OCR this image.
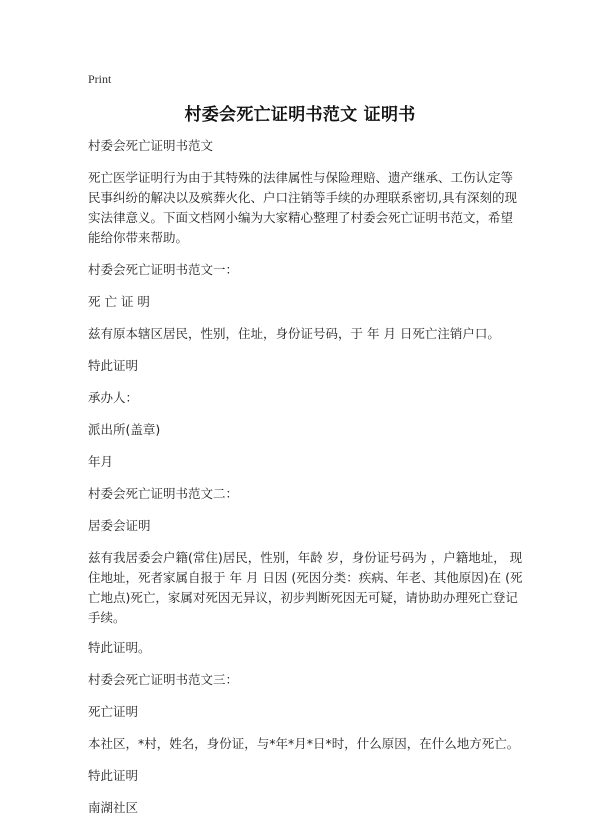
Print
村委会死亡证明书范文 证明书

村委会死亡证明书范文

死亡医学证明行为由于其特殊的法律属性与保险理赔、遗产继承、工伤认定等民事纠纷的解决以及殡葬火化、户口注销等手续的办理联系密切,具有深刻的现实法律意义。下面文档网小编为大家精心整理了村委会死亡证明书范文，希望能给你带来帮助。

村委会死亡证明书范文一：

死 亡 证 明

兹有原本辖区居民，性别，住址，身份证号码，于 年 月 日死亡注销户口。

特此证明

承办人：

派出所(盖章)

年月

村委会死亡证明书范文二：

居委会证明

兹有我居委会户籍(常住)居民，性别，年龄 岁，身份证号码为 ，户籍地址， 现住地址，死者家属自报于 年 月 日因 (死因分类：疾病、年老、其他原因)在 (死亡地点)死亡，家属对死因无异议，初步判断死因无可疑，请协助办理死亡登记手续。

特此证明。

村委会死亡证明书范文三：

死亡证明

本社区，*村，姓名，身份证，与*年*月*日*时，什么原因，在什么地方死亡。

特此证明

南湖社区
